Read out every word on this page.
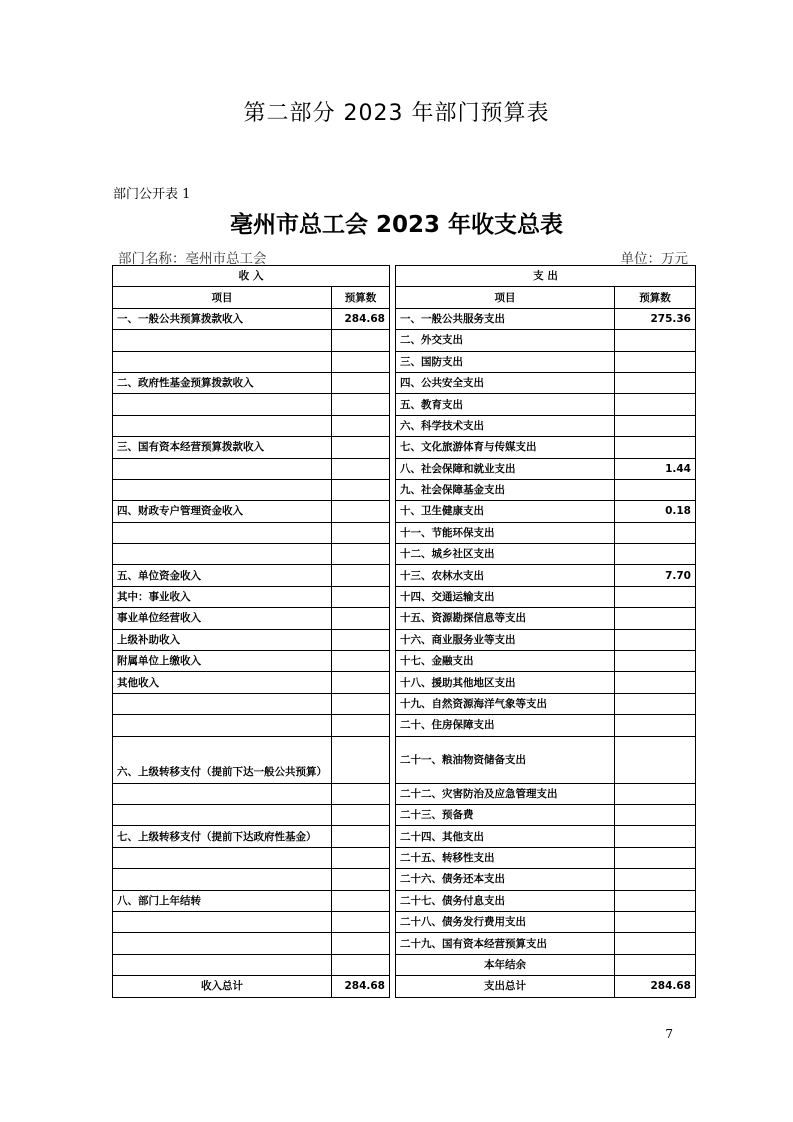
第二部分 2023 年部门预算表
部门公开表 1
亳州市总工会 2023 年收支总表
部门名称：亳州市总工会	单位：万元
收 入			支 出	
项目	预算数		项目	预算数
一、一般公共预算拨款收入	284.68		一、一般公共服务支出	275.36
			二、外交支出	
			三、国防支出	
二、政府性基金预算拨款收入			四、公共安全支出	
			五、教育支出	
			六、科学技术支出	
三、国有资本经营预算拨款收入			七、文化旅游体育与传媒支出	
			八、社会保障和就业支出	1.44
			九、社会保障基金支出	
四、财政专户管理资金收入			十、卫生健康支出	0.18
			十一、节能环保支出	
			十二、城乡社区支出	
五、单位资金收入			十三、农林水支出	7.70
其中：事业收入			十四、交通运输支出	
事业单位经营收入			十五、资源勘探信息等支出	
上级补助收入			十六、商业服务业等支出	
附属单位上缴收入			十七、金融支出	
其他收入			十八、援助其他地区支出	
			十九、自然资源海洋气象等支出	
			二十、住房保障支出	
六、上级转移支付（提前下达一般公共预算）			二十一、粮油物资储备支出	
			二十二、灾害防治及应急管理支出	
			二十三、预备费	
七、上级转移支付（提前下达政府性基金）			二十四、其他支出	
			二十五、转移性支出	
			二十六、债务还本支出	
八、部门上年结转			二十七、债务付息支出	
			二十八、债务发行费用支出	
			二十九、国有资本经营预算支出	
			本年结余	
收入总计	284.68		支出总计	284.68
7
